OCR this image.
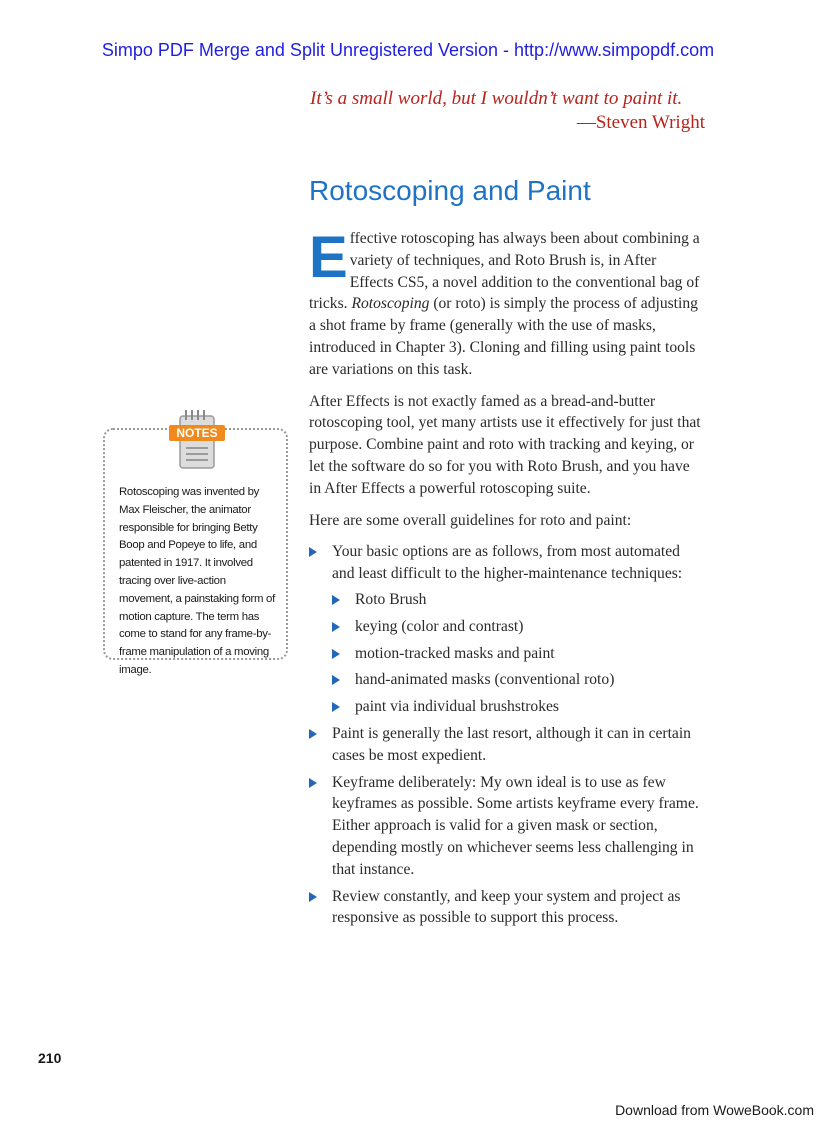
Simpo PDF Merge and Split Unregistered Version - http://www.simpopdf.com
It’s a small world, but I wouldn’t want to paint it.
—Steven Wright
Rotoscoping and Paint

Effective rotoscoping has always been about combining a variety of techniques, and Roto Brush is, in After Effects CS5, a novel addition to the conventional bag of tricks. Rotoscoping (or roto) is simply the process of adjusting a shot frame by frame (generally with the use of masks, introduced in Chapter 3). Cloning and filling using paint tools are variations on this task.

After Effects is not exactly famed as a bread-and-butter rotoscoping tool, yet many artists use it effectively for just that purpose. Combine paint and roto with tracking and keying, or let the software do so for you with Roto Brush, and you have in After Effects a powerful rotoscoping suite.

Here are some overall guidelines for roto and paint:

Your basic options are as follows, from most automated and least difficult to the higher-maintenance techniques:
Roto Brush
keying (color and contrast)
motion-tracked masks and paint
hand-animated masks (conventional roto)
paint via individual brushstrokes
Paint is generally the last resort, although it can in certain cases be most expedient.
Keyframe deliberately: My own ideal is to use as few keyframes as possible. Some artists keyframe every frame. Either approach is valid for a given mask or section, depending mostly on whichever seems less challenging in that instance.
Review constantly, and keep your system and project as responsive as possible to support this process.
NOTES
Rotoscoping was invented by Max Fleischer, the animator responsible for bringing Betty Boop and Popeye to life, and patented in 1917. It involved tracing over live-action movement, a painstaking form of motion capture. The term has come to stand for any frame-by-frame manipulation of a moving image.
210
Download from WoweBook.com
